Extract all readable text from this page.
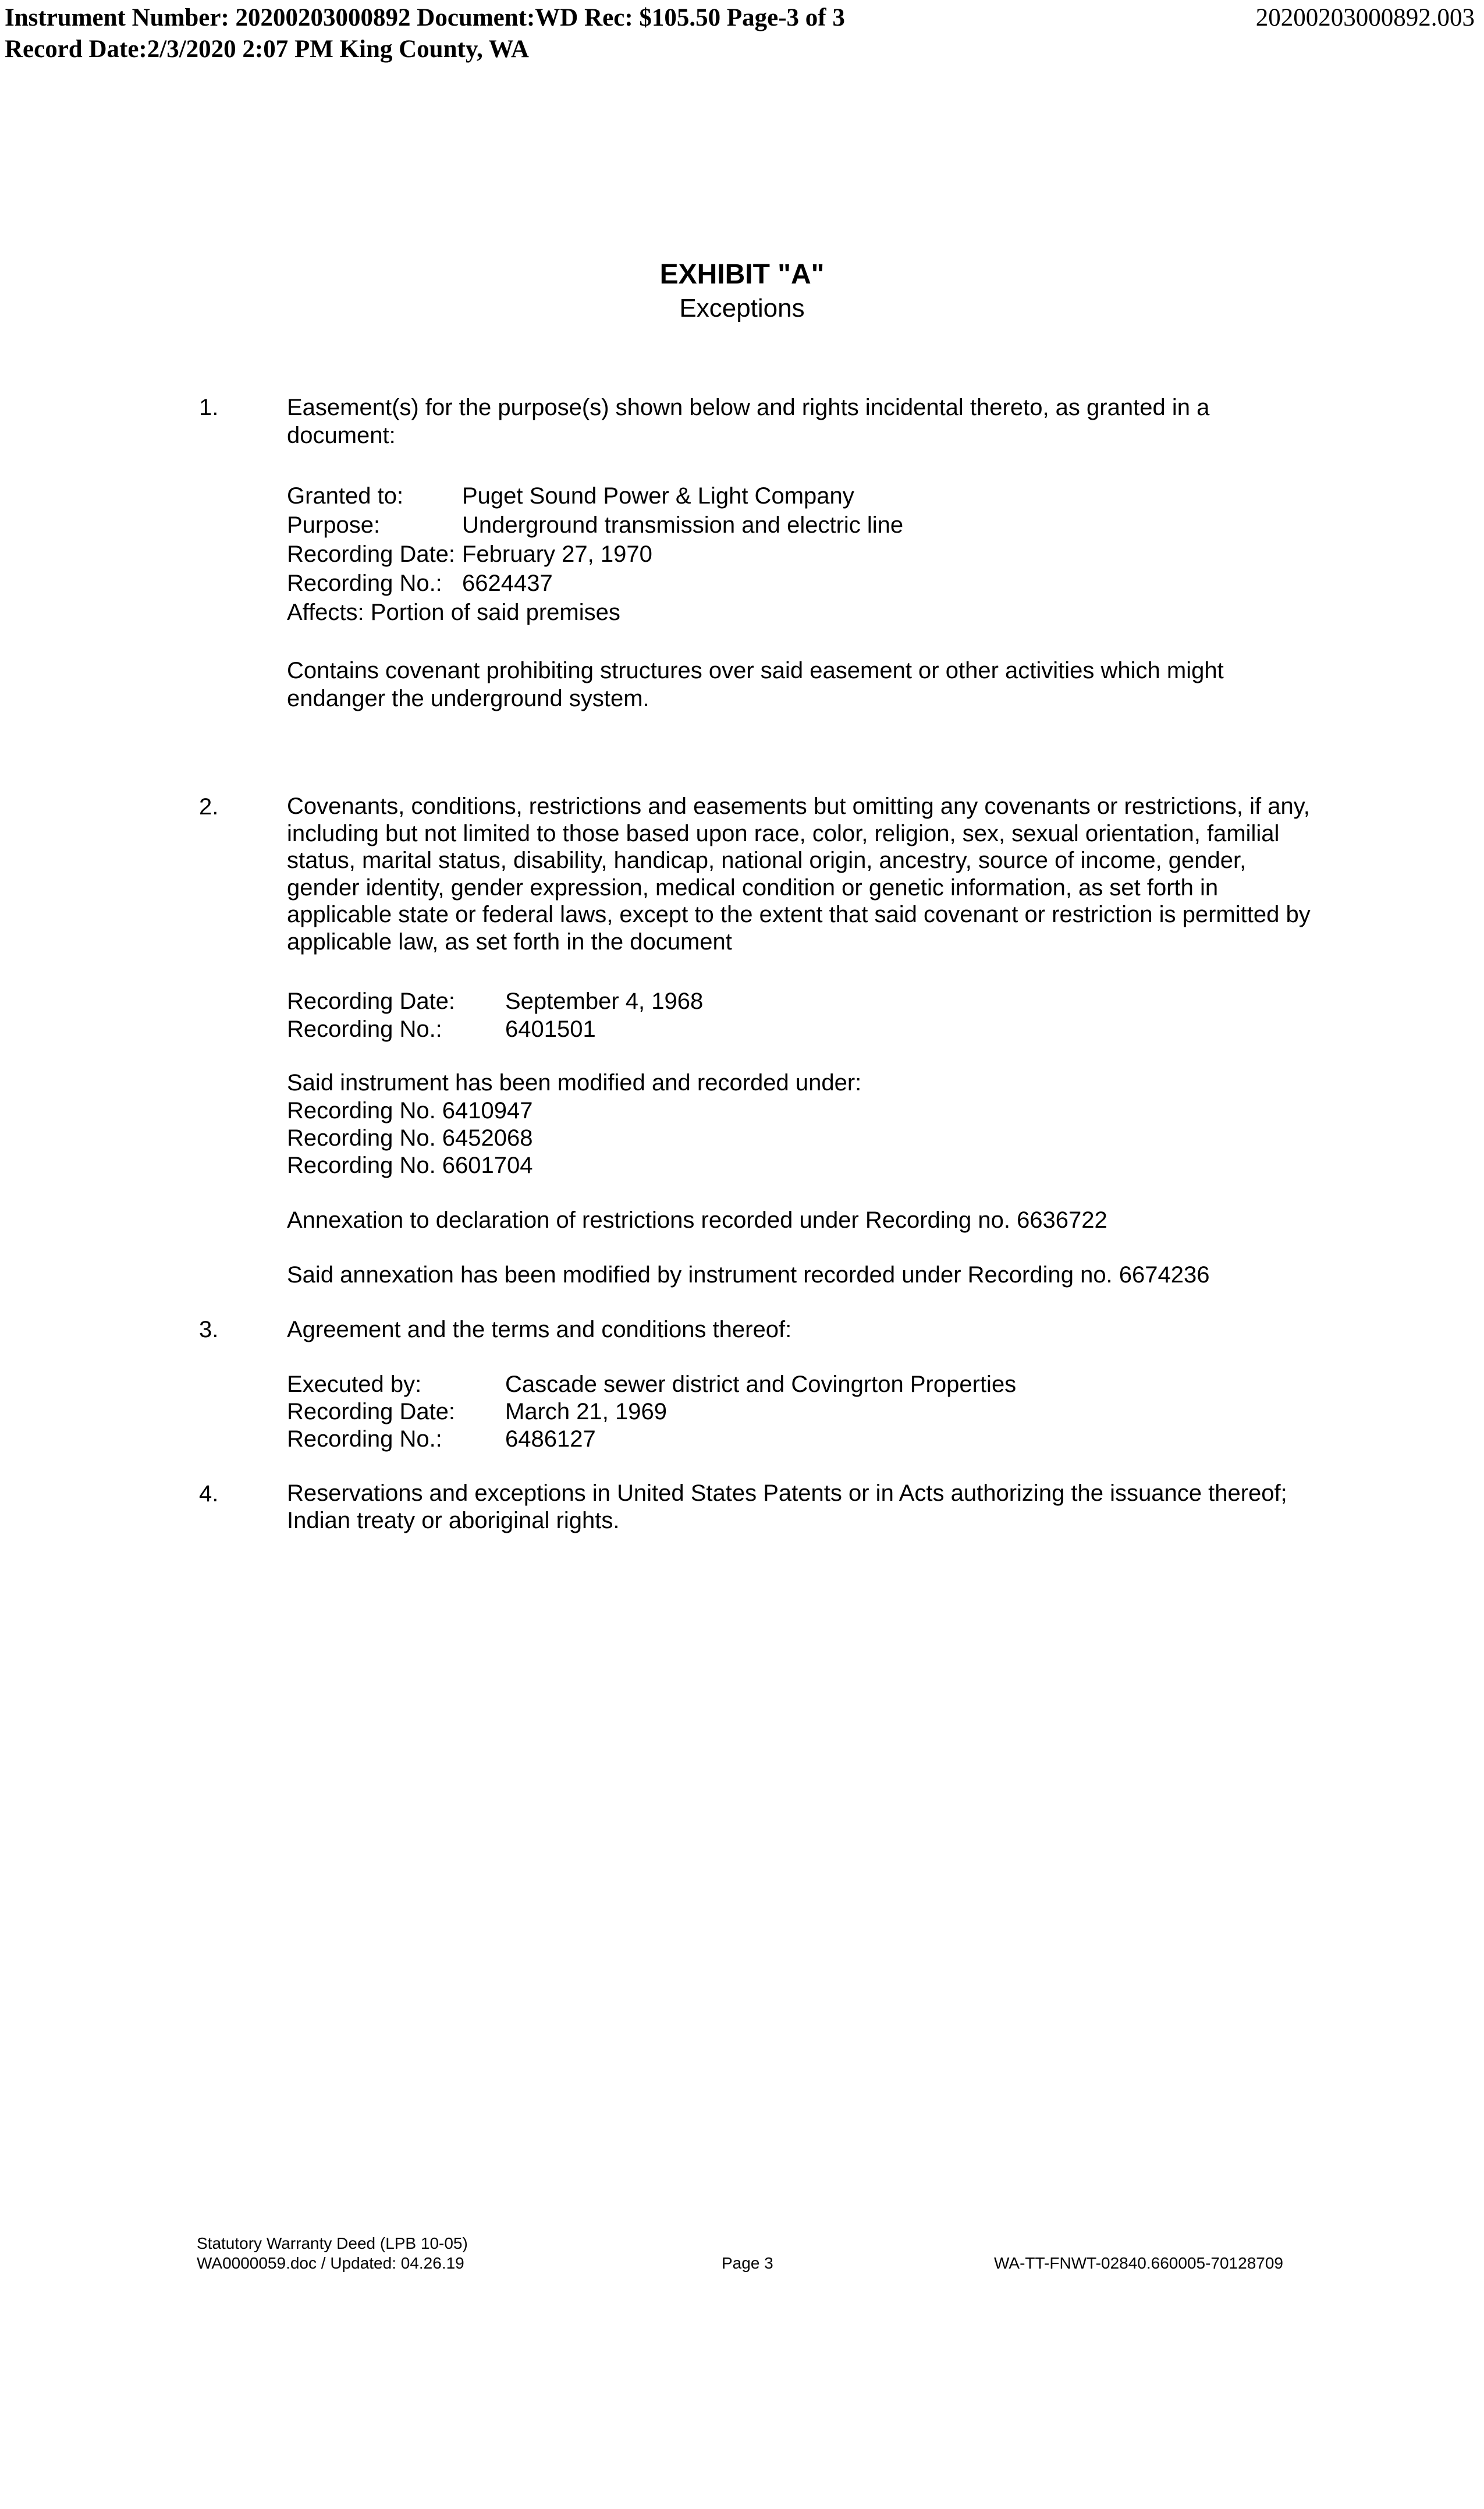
Instrument Number: 20200203000892 Document:WD Rec: $105.50 Page-3 of 3
Record Date:2/3/2020 2:07 PM King County, WA
20200203000892.003
EXHIBIT "A"
Exceptions
1.	Easement(s) for the purpose(s) shown below and rights incidental thereto, as granted in a document:
Granted to:	Puget Sound Power & Light Company
Purpose:	Underground transmission and electric line
Recording Date: February 27, 1970
Recording No.: 6624437
Affects: Portion of said premises
Contains covenant prohibiting structures over said easement or other activities which might endanger the underground system.
2.	Covenants, conditions, restrictions and easements but omitting any covenants or restrictions, if any, including but not limited to those based upon race, color, religion, sex, sexual orientation, familial status, marital status, disability, handicap, national origin, ancestry, source of income, gender, gender identity, gender expression, medical condition or genetic information, as set forth in applicable state or federal laws, except to the extent that said covenant or restriction is permitted by applicable law, as set forth in the document
Recording Date: September 4, 1968
Recording No.:	6401501
Said instrument has been modified and recorded under:
Recording No. 6410947
Recording No. 6452068
Recording No. 6601704
Annexation to declaration of restrictions recorded under Recording no. 6636722
Said annexation has been modified by instrument recorded under Recording no. 6674236
3.	Agreement and the terms and conditions thereof:
Executed by:	Cascade sewer district and Covingrton Properties
Recording Date: March 21, 1969
Recording No.:	6486127
4.	Reservations and exceptions in United States Patents or in Acts authorizing the issuance thereof; Indian treaty or aboriginal rights.
Statutory Warranty Deed (LPB 10-05)
WA0000059.doc / Updated: 04.26.19	Page 3	WA-TT-FNWT-02840.660005-70128709
